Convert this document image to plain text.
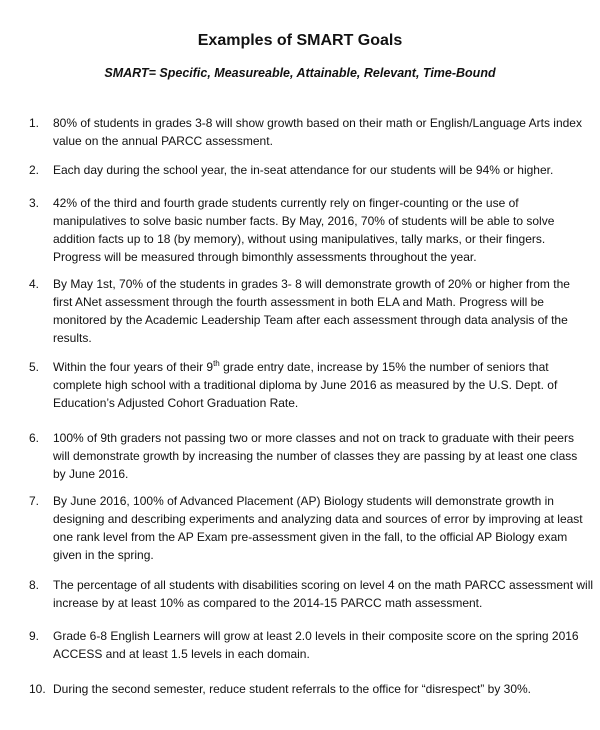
Examples of SMART Goals
SMART= Specific, Measureable, Attainable, Relevant, Time-Bound
1. 80% of students in grades 3-8 will show growth based on their math or English/Language Arts index
value on the annual PARCC assessment.
2. Each day during the school year, the in-seat attendance for our students will be 94% or higher.
3. 42% of the third and fourth grade students currently rely on finger-counting or the use of
manipulatives to solve basic number facts. By May, 2016, 70% of students will be able to solve
addition facts up to 18 (by memory), without using manipulatives, tally marks, or their fingers.
Progress will be measured through bimonthly assessments throughout the year.
4. By May 1st, 70% of the students in grades 3- 8 will demonstrate growth of 20% or higher from the
first ANet assessment through the fourth assessment in both ELA and Math. Progress will be
monitored by the Academic Leadership Team after each assessment through data analysis of the
results.
5. Within the four years of their 9th grade entry date, increase by 15% the number of seniors that
complete high school with a traditional diploma by June 2016 as measured by the U.S. Dept. of
Education’s Adjusted Cohort Graduation Rate.
6. 100% of 9th graders not passing two or more classes and not on track to graduate with their peers
will demonstrate growth by increasing the number of classes they are passing by at least one class
by June 2016.
7. By June 2016, 100% of Advanced Placement (AP) Biology students will demonstrate growth in
designing and describing experiments and analyzing data and sources of error by improving at least
one rank level from the AP Exam pre-assessment given in the fall, to the official AP Biology exam
given in the spring.
8. The percentage of all students with disabilities scoring on level 4 on the math PARCC assessment will
increase by at least 10% as compared to the 2014-15 PARCC math assessment.
9. Grade 6-8 English Learners will grow at least 2.0 levels in their composite score on the spring 2016
ACCESS and at least 1.5 levels in each domain.
10. During the second semester, reduce student referrals to the office for “disrespect” by 30%.
